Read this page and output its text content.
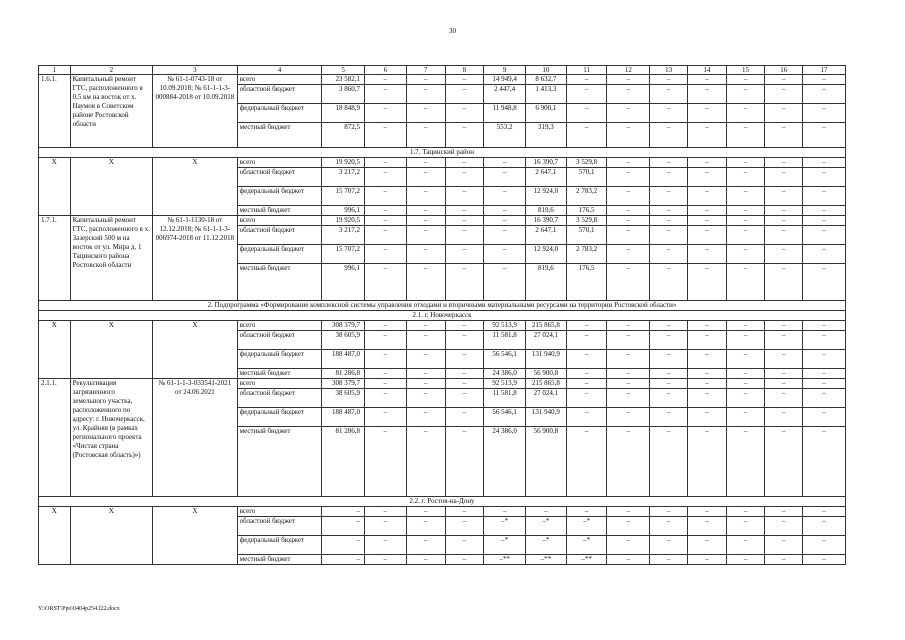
30
1	2	3	4	5	6	7	8	9	10	11	12	13	14	15	16	17
1.6.1.	Капитальный ремонт ГТС, расположенного в 0,5 км на восток от х. Наумов в Советском районе Ростовской области	№ 61-1-0743-18 от 10.09.2018; № 61-1-1-3-000884-2018 от 10.09.2018	всего	23 582,1	–	–	–	14 949,4	8 632,7	–	–	–	–	–	–	–
			областной бюджет	3 860,7	–	–	–	2 447,4	1 413,3	–	–	–	–	–	–	–
			федеральный бюджет	18 848,9	–	–	–	11 948,8	6 900,1	–	–	–	–	–	–	–
			местный бюджет	872,5	–	–	–	553,2	319,3	–	–	–	–	–	–	–
1.7. Тацинский район																
X	X	X	всего	19 920,5	–	–	–	–	16 390,7	3 529,8	–	–	–	–	–	–
			областной бюджет	3 217,2	–	–	–	–	2 647,1	570,1	–	–	–	–	–	–
			федеральный бюджет	15 707,2	–	–	–	–	12 924,0	2 783,2	–	–	–	–	–	–
			местный бюджет	996,1	–	–	–	–	819,6	176,5	–	–	–	–	–	–
1.7.1.	Капитальный ремонт ГТС, расположенного в х. Зазерский 500 м на восток от ул. Мира д. 1 Тацинского района Ростовской области	№ 61-1-1130-18 от 12.12.2018; № 61-1-1-3-006974-2018 от 11.12.2018	всего	19 920,5	–	–	–	–	16 390,7	3 529,8	–	–	–	–	–	–
			областной бюджет	3 217,2	–	–	–	–	2 647,1	570,1	–	–	–	–	–	–
			федеральный бюджет	15 707,2	–	–	–	–	12 924,0	2 783,2	–	–	–	–	–	–
			местный бюджет	996,1	–	–	–	–	819,6	176,5	–	–	–	–	–	–
2. Подпрограмма «Формирование комплексной системы управления отходами и вторичными материальными ресурсами на территории Ростовской области»																
2.1. г. Новочеркасск																
X	X	X	всего	308 379,7	–	–	–	92 513,9	215 865,8	–	–	–	–	–	–	–
			областной бюджет	38 605,9	–	–	–	11 581,8	27 024,1	–	–	–	–	–	–	–
			федеральный бюджет	188 487,0	–	–	–	56 546,1	131 940,9	–	–	–	–	–	–	–
			местный бюджет	81 286,8	–	–	–	24 386,0	56 900,8	–	–	–	–	–	–	–
2.1.1.	Рекультивация загрязненного земельного участка, расположенного по адресу: г. Новочеркасск, ул. Крайняя (в рамках регионального проекта «Чистая страна (Ростовская область)»)	№ 61-1-1-3-033541-2021 от 24.06.2021	всего	308 379,7	–	–	–	92 513,9	215 865,8	–	–	–	–	–	–	–
			областной бюджет	38 605,9	–	–	–	11 581,8	27 024,1	–	–	–	–	–	–	–
			федеральный бюджет	188 487,0	–	–	–	56 546,1	131 940,9	–	–	–	–	–	–	–
			местный бюджет	81 286,8	–	–	–	24 386,0	56 900,8	–	–	–	–	–	–	–
2.2. г. Ростов-на-Дону																
X	X	X	всего	–	–	–	–	–	–	–	–	–	–	–	–	–
			областной бюджет	–	–	–	–	–*	–*	–*	–	–	–	–	–	–
			федеральный бюджет	–	–	–	–	–*	–*	–*	–	–	–	–	–	–
			местный бюджет	–	–	–	–	–**	–**	–**	–	–	–	–	–	–
Y:\ORST\Ppo\0404p254.f22.docx
